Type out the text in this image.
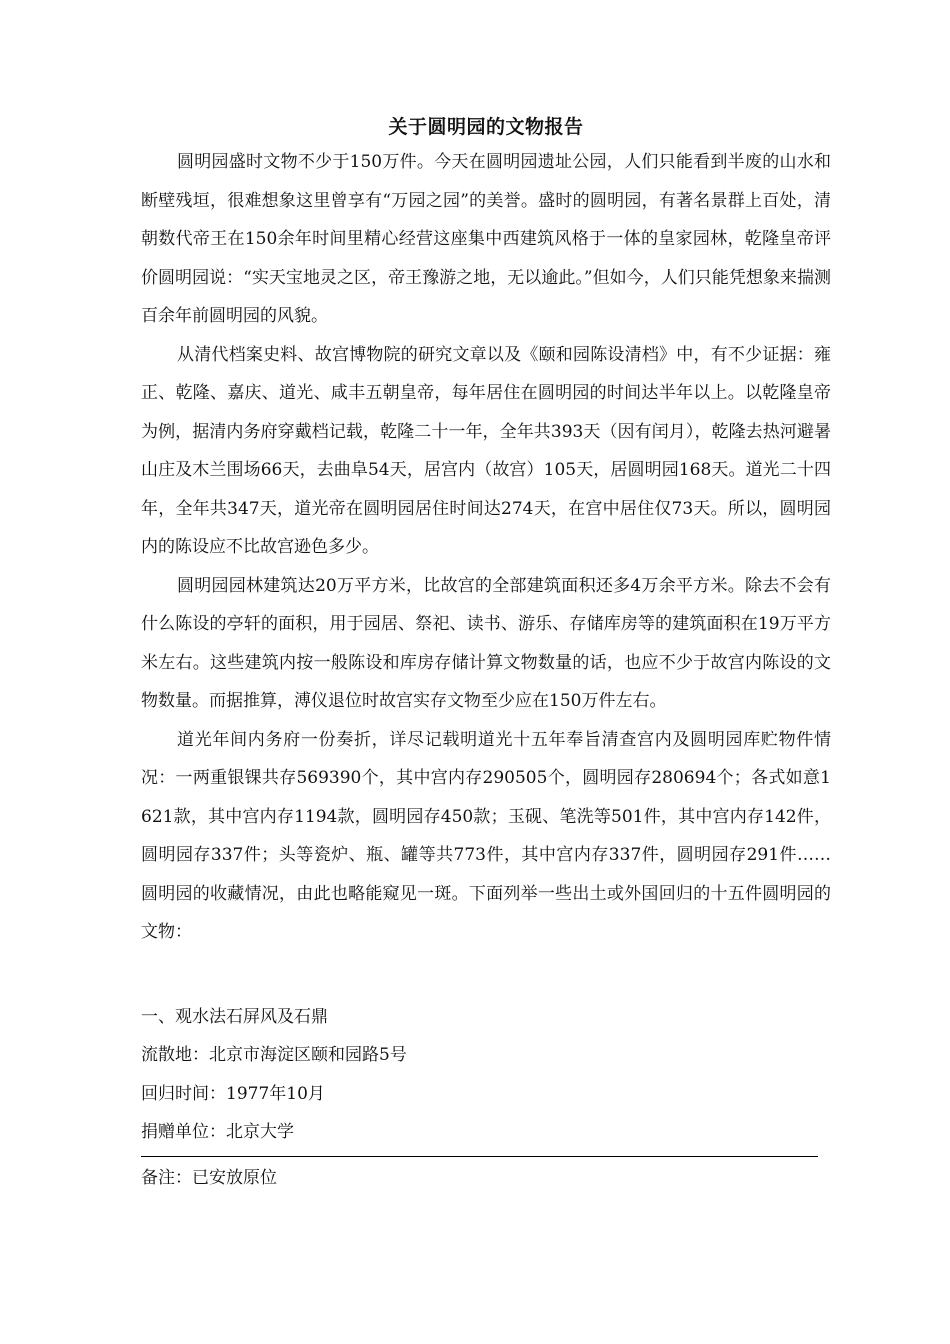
关于圆明园的文物报告

圆明园盛时文物不少于150万件。今天在圆明园遗址公园，人们只能看到半废的山水和断壁残垣，很难想象这里曾享有“万园之园”的美誉。盛时的圆明园，有著名景群上百处，清朝数代帝王在150余年时间里精心经营这座集中西建筑风格于一体的皇家园林，乾隆皇帝评价圆明园说：“实天宝地灵之区，帝王豫游之地，无以逾此。”但如今，人们只能凭想象来揣测百余年前圆明园的风貌。

从清代档案史料、故宫博物院的研究文章以及《颐和园陈设清档》中，有不少证据：雍正、乾隆、嘉庆、道光、咸丰五朝皇帝，每年居住在圆明园的时间达半年以上。以乾隆皇帝为例，据清内务府穿戴档记载，乾隆二十一年，全年共393天（因有闰月），乾隆去热河避暑山庄及木兰围场66天，去曲阜54天，居宫内（故宫）105天，居圆明园168天。道光二十四年，全年共347天，道光帝在圆明园居住时间达274天，在宫中居住仅73天。所以，圆明园内的陈设应不比故宫逊色多少。

圆明园园林建筑达20万平方米，比故宫的全部建筑面积还多4万余平方米。除去不会有什么陈设的亭轩的面积，用于园居、祭祀、读书、游乐、存储库房等的建筑面积在19万平方米左右。这些建筑内按一般陈设和库房存储计算文物数量的话，也应不少于故宫内陈设的文物数量。而据推算，溥仪退位时故宫实存文物至少应在150万件左右。

道光年间内务府一份奏折，详尽记载明道光十五年奉旨清查宫内及圆明园库贮物件情况：一两重银锞共存569390个，其中宫内存290505个，圆明园存280694个；各式如意1621款，其中宫内存1194款，圆明园存450款；玉砚、笔洗等501件，其中宫内存142件，圆明园存337件；头等瓷炉、瓶、罐等共773件，其中宫内存337件，圆明园存291件……圆明园的收藏情况，由此也略能窥见一斑。下面列举一些出土或外国回归的十五件圆明园的文物：

一、观水法石屏风及石鼎

流散地：北京市海淀区颐和园路5号

回归时间：1977年10月

捐赠单位：北京大学

备注：已安放原位
